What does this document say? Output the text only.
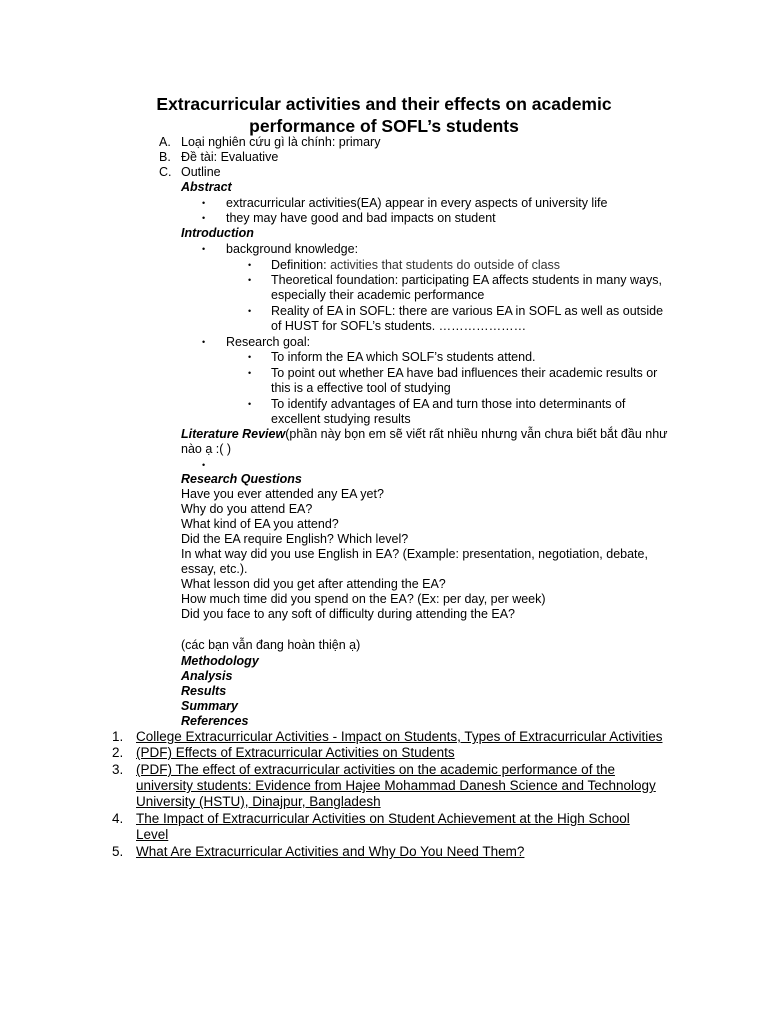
Extracurricular activities and their effects on academic
performance of SOFL’s students
A. Loại nghiên cứu gì là chính: primary
B. Đề tài: Evaluative
C. Outline
Abstract
• extracurricular activities(EA) appear in every aspects of university life
• they may have good and bad impacts on student
Introduction
• background knowledge:
• Definition: activities that students do outside of class
• Theoretical foundation: participating EA affects students in many ways,
especially their academic performance
• Reality of EA in SOFL: there are various EA in SOFL as well as outside
of HUST for SOFL’s students. …………………
• Research goal:
• To inform the EA which SOLF’s students attend.
• To point out whether EA have bad influences their academic results or
this is a effective tool of studying
• To identify advantages of EA and turn those into determinants of
excellent studying results
Literature Review(phần này bọn em sẽ viết rất nhiều nhưng vẫn chưa biết bắt đầu như
nào ạ :( )
•
Research Questions
Have you ever attended any EA yet?
Why do you attend EA?
What kind of EA you attend?
Did the EA require English? Which level?
In what way did you use English in EA? (Example: presentation, negotiation, debate,
essay, etc.).
What lesson did you get after attending the EA?
How much time did you spend on the EA? (Ex: per day, per week)
Did you face to any soft of difficulty during attending the EA?
(các bạn vẫn đang hoàn thiện ạ)
Methodology
Analysis
Results
Summary
References
1. College Extracurricular Activities - Impact on Students, Types of Extracurricular Activities
2. (PDF) Effects of Extracurricular Activities on Students
3. (PDF) The effect of extracurricular activities on the academic performance of the
university students: Evidence from Hajee Mohammad Danesh Science and Technology
University (HSTU), Dinajpur, Bangladesh
4. The Impact of Extracurricular Activities on Student Achievement at the High School
Level
5. What Are Extracurricular Activities and Why Do You Need Them?
